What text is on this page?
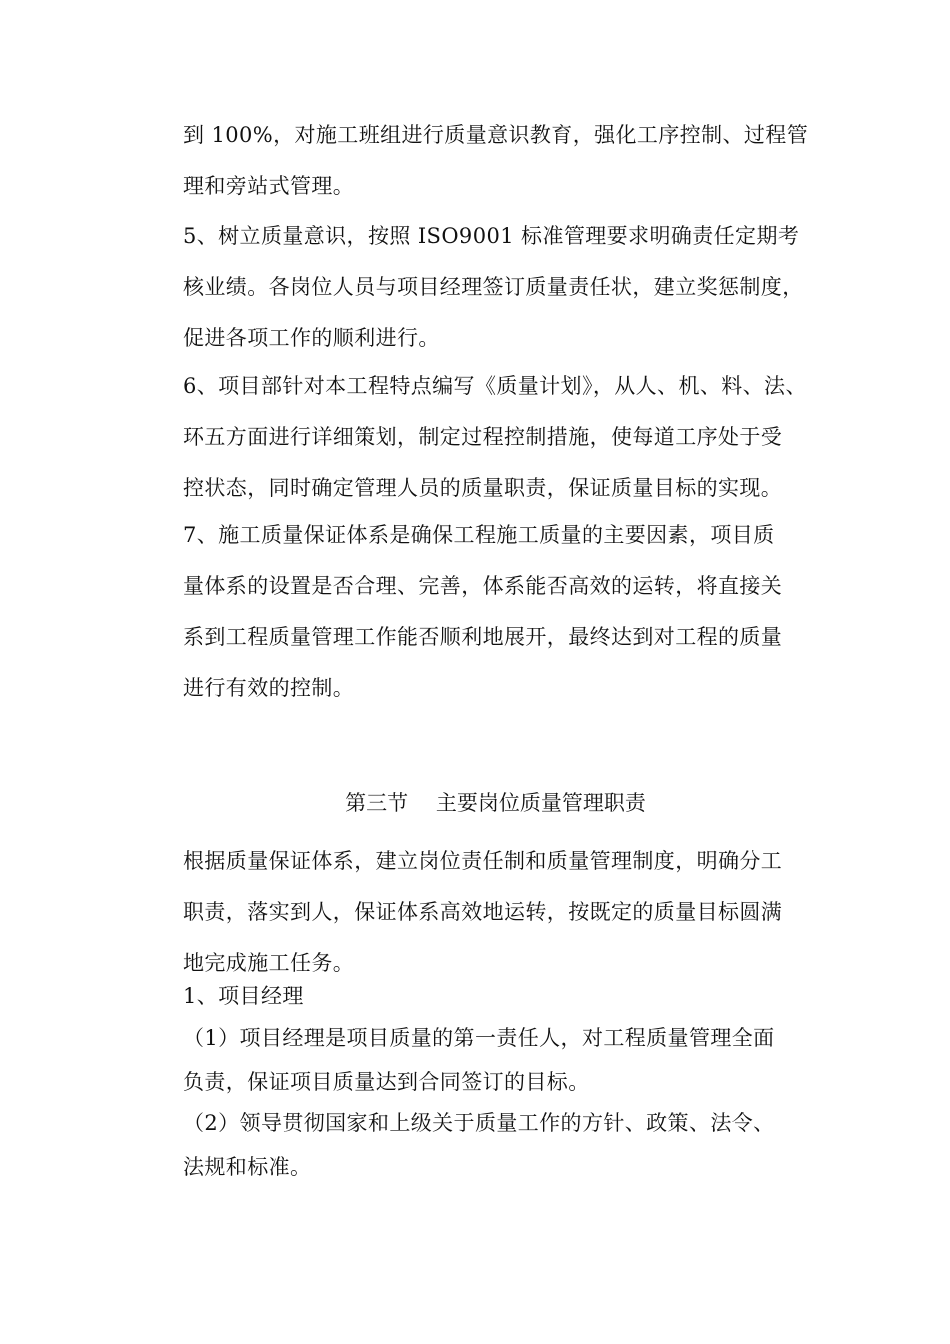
到 100%，对施工班组进行质量意识教育，强化工序控制、过程管
理和旁站式管理。

5、树立质量意识，按照 ISO9001 标准管理要求明确责任定期考
核业绩。各岗位人员与项目经理签订质量责任状，建立奖惩制度，
促进各项工作的顺利进行。

6、项目部针对本工程特点编写《质量计划》，从人、机、料、法、
环五方面进行详细策划，制定过程控制措施，使每道工序处于受
控状态，同时确定管理人员的质量职责，保证质量目标的实现。

7、施工质量保证体系是确保工程施工质量的主要因素，项目质
量体系的设置是否合理、完善，体系能否高效的运转，将直接关
系到工程质量管理工作能否顺利地展开，最终达到对工程的质量
进行有效的控制。

第三节　 主要岗位质量管理职责

根据质量保证体系，建立岗位责任制和质量管理制度，明确分工
职责，落实到人，保证体系高效地运转，按既定的质量目标圆满
地完成施工任务。

1、项目经理

（1）项目经理是项目质量的第一责任人，对工程质量管理全面
负责，保证项目质量达到合同签订的目标。

（2）领导贯彻国家和上级关于质量工作的方针、政策、法令、
法规和标准。
